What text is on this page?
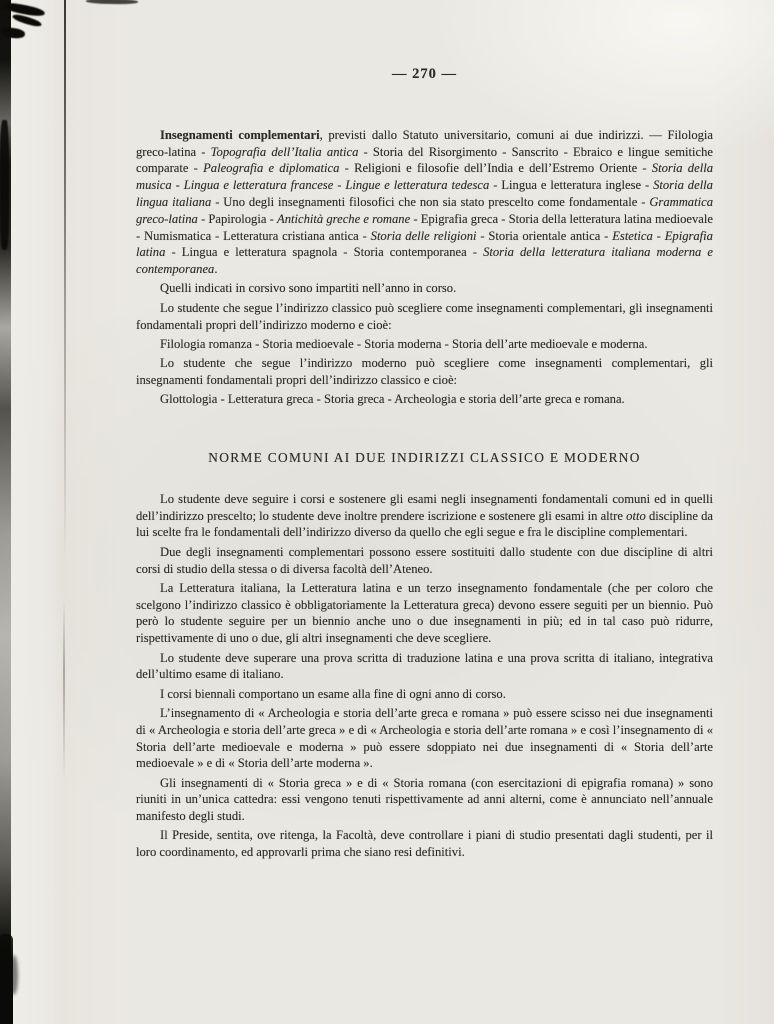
— 270 —

Insegnamenti complementari, previsti dallo Statuto universitario, comuni ai due indirizzi. — Filologia greco-latina - Topografia dell’Italia antica - Storia del Risorgimento - Sanscrito - Ebraico e lingue semitiche comparate - Paleografia e diplomatica - Religioni e filosofie dell’India e dell’Estremo Oriente - Storia della musica - Lingua e letteratura francese - Lingue e letteratura tedesca - Lingua e letteratura inglese - Storia della lingua italiana - Uno degli insegnamenti filosofici che non sia stato prescelto come fondamentale - Grammatica greco-latina - Papirologia - Antichità greche e romane - Epigrafia greca - Storia della letteratura latina medioevale - Numismatica - Letteratura cristiana antica - Storia delle religioni - Storia orientale antica - Estetica - Epigrafia latina - Lingua e letteratura spagnola - Storia contemporanea - Storia della letteratura italiana moderna e contemporanea.

Quelli indicati in corsivo sono impartiti nell’anno in corso.

Lo studente che segue l’indirizzo classico può scegliere come insegnamenti complementari, gli insegnamenti fondamentali propri dell’indirizzo moderno e cioè:

Filologia romanza - Storia medioevale - Storia moderna - Storia dell’arte medioevale e moderna.

Lo studente che segue l’indirizzo moderno può scegliere come insegnamenti complementari, gli insegnamenti fondamentali propri dell’indirizzo classico e cioè:

Glottologia - Letteratura greca - Storia greca - Archeologia e storia dell’arte greca e romana.

NORME COMUNI AI DUE INDIRIZZI CLASSICO E MODERNO

Lo studente deve seguire i corsi e sostenere gli esami negli insegnamenti fondamentali comuni ed in quelli dell’indirizzo prescelto; lo studente deve inoltre prendere iscrizione e sostenere gli esami in altre otto discipline da lui scelte fra le fondamentali dell’indirizzo diverso da quello che egli segue e fra le discipline complementari.

Due degli insegnamenti complementari possono essere sostituiti dallo studente con due discipline di altri corsi di studio della stessa o di diversa facoltà dell’Ateneo.

La Letteratura italiana, la Letteratura latina e un terzo insegnamento fondamentale (che per coloro che scelgono l’indirizzo classico è obbligatoriamente la Letteratura greca) devono essere seguiti per un biennio. Può però lo studente seguire per un biennio anche uno o due insegnamenti in più; ed in tal caso può ridurre, rispettivamente di uno o due, gli altri insegnamenti che deve scegliere.

Lo studente deve superare una prova scritta di traduzione latina e una prova scritta di italiano, integrativa dell’ultimo esame di italiano.

I corsi biennali comportano un esame alla fine di ogni anno di corso.

L’insegnamento di « Archeologia e storia dell’arte greca e romana » può essere scisso nei due insegnamenti di « Archeologia e storia dell’arte greca » e di « Archeologia e storia dell’arte romana » e così l’insegnamento di « Storia dell’arte medioevale e moderna » può essere sdoppiato nei due insegnamenti di « Storia dell’arte medioevale » e di « Storia dell’arte moderna ».

Gli insegnamenti di « Storia greca » e di « Storia romana (con esercitazioni di epigrafia romana) » sono riuniti in un’unica cattedra: essi vengono tenuti rispettivamente ad anni alterni, come è annunciato nell’annuale manifesto degli studi.

Il Preside, sentita, ove ritenga, la Facoltà, deve controllare i piani di studio presentati dagli studenti, per il loro coordinamento, ed approvarli prima che siano resi definitivi.
